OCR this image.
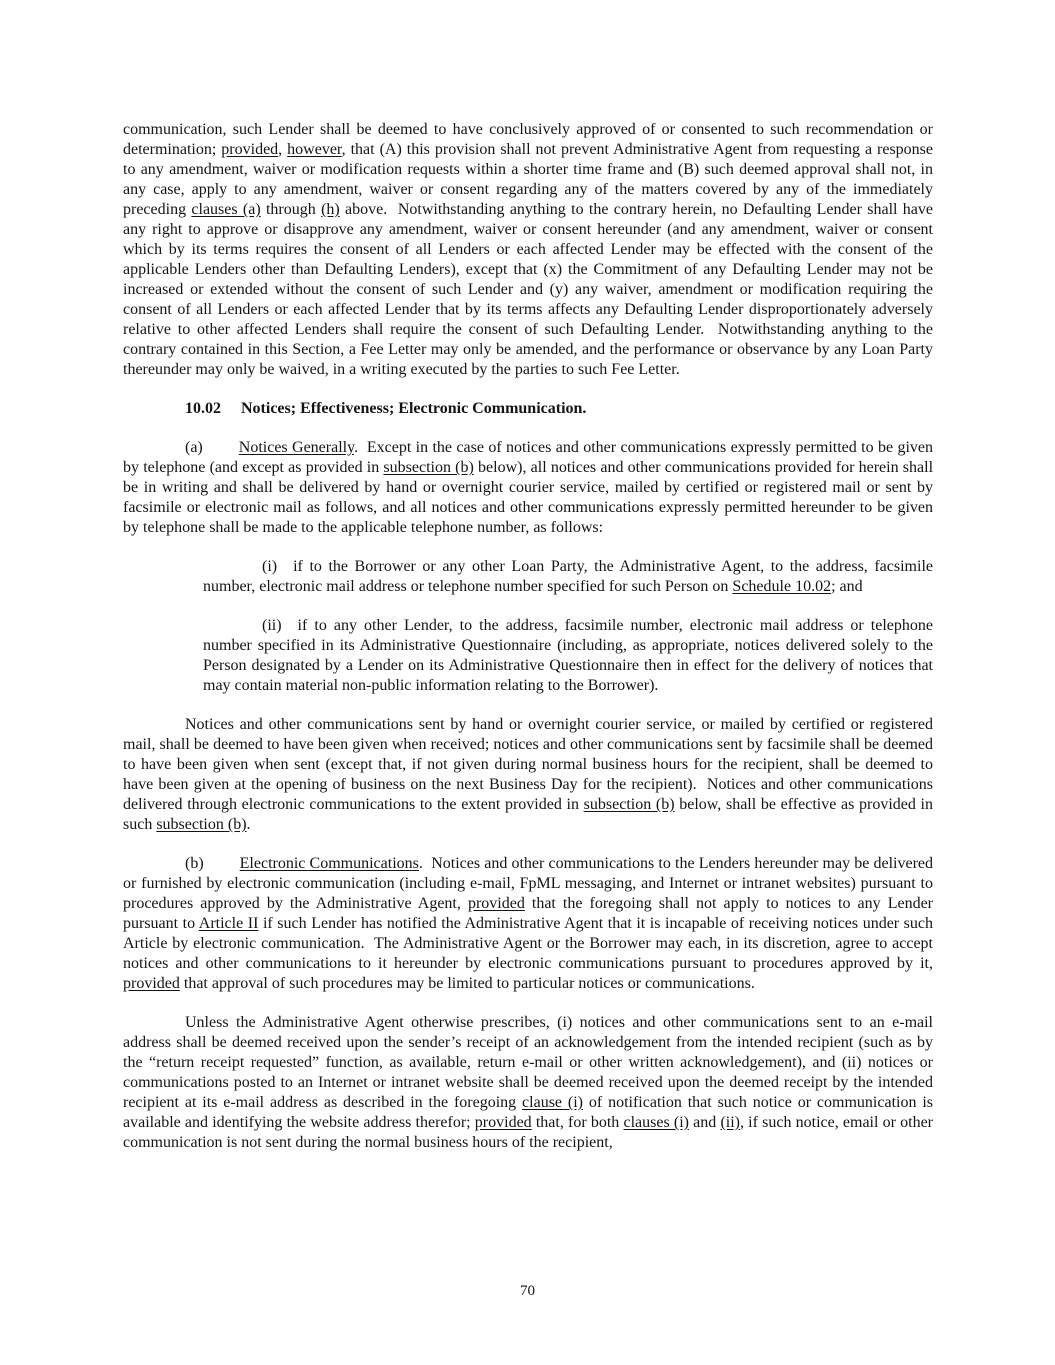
communication, such Lender shall be deemed to have conclusively approved of or consented to such recommendation or determination; provided, however, that (A) this provision shall not prevent Administrative Agent from requesting a response to any amendment, waiver or modification requests within a shorter time frame and (B) such deemed approval shall not, in any case, apply to any amendment, waiver or consent regarding any of the matters covered by any of the immediately preceding clauses (a) through (h) above.  Notwithstanding anything to the contrary herein, no Defaulting Lender shall have any right to approve or disapprove any amendment, waiver or consent hereunder (and any amendment, waiver or consent which by its terms requires the consent of all Lenders or each affected Lender may be effected with the consent of the applicable Lenders other than Defaulting Lenders), except that (x) the Commitment of any Defaulting Lender may not be increased or extended without the consent of such Lender and (y) any waiver, amendment or modification requiring the consent of all Lenders or each affected Lender that by its terms affects any Defaulting Lender disproportionately adversely relative to other affected Lenders shall require the consent of such Defaulting Lender.  Notwithstanding anything to the contrary contained in this Section, a Fee Letter may only be amended, and the performance or observance by any Loan Party thereunder may only be waived, in a writing executed by the parties to such Fee Letter.

10.02 Notices; Effectiveness; Electronic Communication.

(a) Notices Generally.  Except in the case of notices and other communications expressly permitted to be given by telephone (and except as provided in subsection (b) below), all notices and other communications provided for herein shall be in writing and shall be delivered by hand or overnight courier service, mailed by certified or registered mail or sent by facsimile or electronic mail as follows, and all notices and other communications expressly permitted hereunder to be given by telephone shall be made to the applicable telephone number, as follows:

(i) if to the Borrower or any other Loan Party, the Administrative Agent, to the address, facsimile number, electronic mail address or telephone number specified for such Person on Schedule 10.02; and

(ii) if to any other Lender, to the address, facsimile number, electronic mail address or telephone number specified in its Administrative Questionnaire (including, as appropriate, notices delivered solely to the Person designated by a Lender on its Administrative Questionnaire then in effect for the delivery of notices that may contain material non-public information relating to the Borrower).

Notices and other communications sent by hand or overnight courier service, or mailed by certified or registered mail, shall be deemed to have been given when received; notices and other communications sent by facsimile shall be deemed to have been given when sent (except that, if not given during normal business hours for the recipient, shall be deemed to have been given at the opening of business on the next Business Day for the recipient).  Notices and other communications delivered through electronic communications to the extent provided in subsection (b) below, shall be effective as provided in such subsection (b).

(b) Electronic Communications.  Notices and other communications to the Lenders hereunder may be delivered or furnished by electronic communication (including e-mail, FpML messaging, and Internet or intranet websites) pursuant to procedures approved by the Administrative Agent, provided that the foregoing shall not apply to notices to any Lender pursuant to Article II if such Lender has notified the Administrative Agent that it is incapable of receiving notices under such Article by electronic communication.  The Administrative Agent or the Borrower may each, in its discretion, agree to accept notices and other communications to it hereunder by electronic communications pursuant to procedures approved by it, provided that approval of such procedures may be limited to particular notices or communications.

Unless the Administrative Agent otherwise prescribes, (i) notices and other communications sent to an e-mail address shall be deemed received upon the sender’s receipt of an acknowledgement from the intended recipient (such as by the “return receipt requested” function, as available, return e-mail or other written acknowledgement), and (ii) notices or communications posted to an Internet or intranet website shall be deemed received upon the deemed receipt by the intended recipient at its e-mail address as described in the foregoing clause (i) of notification that such notice or communication is available and identifying the website address therefor; provided that, for both clauses (i) and (ii), if such notice, email or other communication is not sent during the normal business hours of the recipient,

70
